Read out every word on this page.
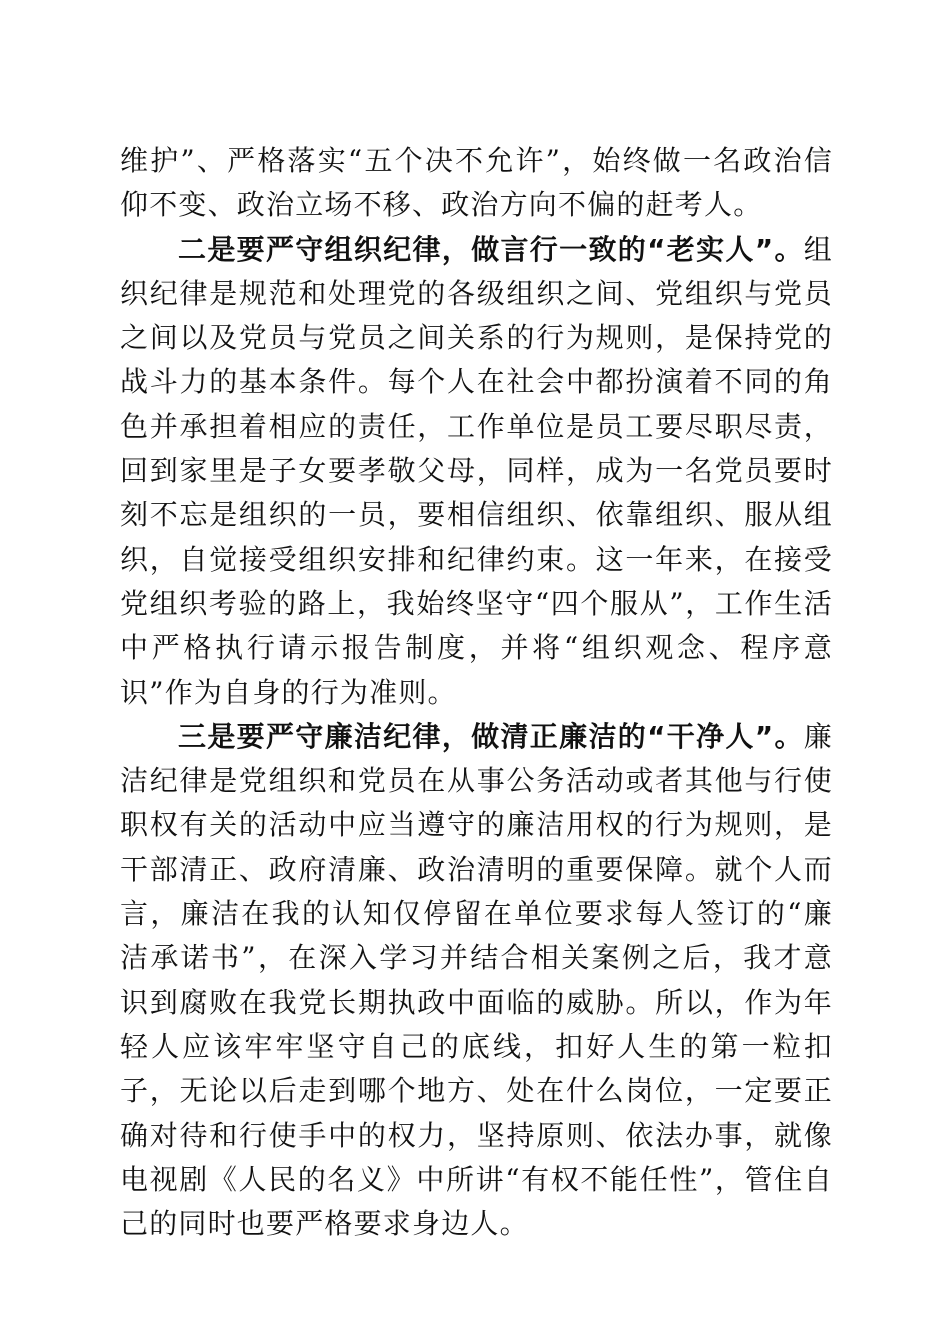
维护”、严格落实“五个决不允许”，始终做一名政治信仰不变、政治立场不移、政治方向不偏的赶考人。

二是要严守组织纪律，做言行一致的“老实人”。组织纪律是规范和处理党的各级组织之间、党组织与党员之间以及党员与党员之间关系的行为规则，是保持党的战斗力的基本条件。每个人在社会中都扮演着不同的角色并承担着相应的责任，工作单位是员工要尽职尽责，回到家里是子女要孝敬父母，同样，成为一名党员要时刻不忘是组织的一员，要相信组织、依靠组织、服从组织，自觉接受组织安排和纪律约束。这一年来，在接受党组织考验的路上，我始终坚守“四个服从”，工作生活中严格执行请示报告制度，并将“组织观念、程序意识”作为自身的行为准则。

三是要严守廉洁纪律，做清正廉洁的“干净人”。廉洁纪律是党组织和党员在从事公务活动或者其他与行使职权有关的活动中应当遵守的廉洁用权的行为规则，是干部清正、政府清廉、政治清明的重要保障。就个人而言，廉洁在我的认知仅停留在单位要求每人签订的“廉洁承诺书”，在深入学习并结合相关案例之后，我才意识到腐败在我党长期执政中面临的威胁。所以，作为年轻人应该牢牢坚守自己的底线，扣好人生的第一粒扣子，无论以后走到哪个地方、处在什么岗位，一定要正确对待和行使手中的权力，坚持原则、依法办事，就像电视剧《人民的名义》中所讲“有权不能任性”，管住自己的同时也要严格要求身边人。
